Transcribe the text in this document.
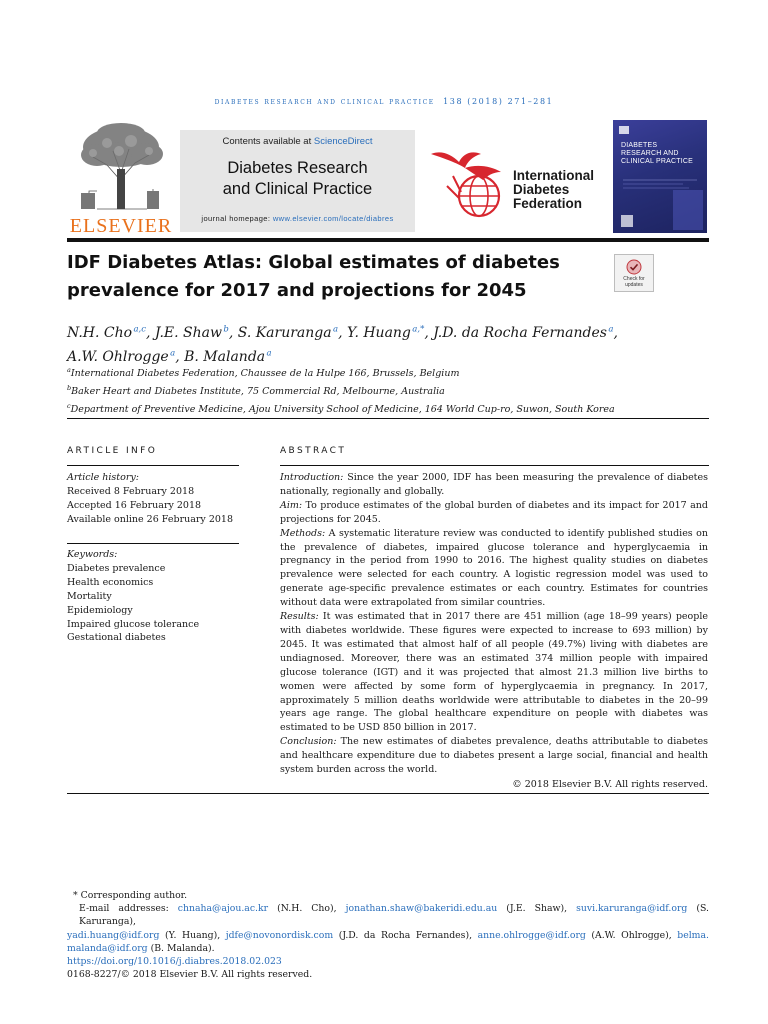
diabetes research and clinical practice 138 (2018) 271–281
ELSEVIER
Contents available at ScienceDirect
Diabetes Research
and Clinical Practice
journal homepage: www.elsevier.com/locate/diabres
International
Diabetes
Federation
DIABETES
RESEARCH AND
CLINICAL PRACTICE
IDF Diabetes Atlas: Global estimates of diabetes
prevalence for 2017 and projections for 2045
Check for updates
N.H. Cho $^{a,c}$, J.E. Shaw $^b$, S. Karuranga $^a$, Y. Huang $^{a,*}$, J.D. da Rocha Fernandes $^a$,
A.W. Ohlrogge $^a$, B. Malanda $^a$
$^a$International Diabetes Federation, Chaussee de la Hulpe 166, Brussels, Belgium
$^b$Baker Heart and Diabetes Institute, 75 Commercial Rd, Melbourne, Australia
$^c$Department of Preventive Medicine, Ajou University School of Medicine, 164 World Cup-ro, Suwon, South Korea
ARTICLE INFO	ABSTRACT
Article history:
Received 8 February 2018
Accepted 16 February 2018
Available online 26 February 2018
Keywords:
Diabetes prevalence
Health economics
Mortality
Epidemiology
Impaired glucose tolerance
Gestational diabetes

Introduction: Since the year 2000, IDF has been measuring the prevalence of diabetes nationally, regionally and globally.

Aim: To produce estimates of the global burden of diabetes and its impact for 2017 and projections for 2045.

Methods: A systematic literature review was conducted to identify published studies on the prevalence of diabetes, impaired glucose tolerance and hyperglycaemia in pregnancy in the period from 1990 to 2016. The highest quality studies on diabetes prevalence were selected for each country. A logistic regression model was used to generate age-specific prevalence estimates or each country. Estimates for countries without data were extrapolated from similar countries.

Results: It was estimated that in 2017 there are 451 million (age 18–99 years) people with diabetes worldwide. These figures were expected to increase to 693 million) by 2045. It was estimated that almost half of all people (49.7%) living with diabetes are undiagnosed. Moreover, there was an estimated 374 million people with impaired glucose tolerance (IGT) and it was projected that almost 21.3 million live births to women were affected by some form of hyperglycaemia in pregnancy. In 2017, approximately 5 million deaths worldwide were attributable to diabetes in the 20–99 years age range. The global healthcare expenditure on people with diabetes was estimated to be USD 850 billion in 2017.

Conclusion: The new estimates of diabetes prevalence, deaths attributable to diabetes and healthcare expenditure due to diabetes present a large social, financial and health system burden across the world.

© 2018 Elsevier B.V. All rights reserved.

* Corresponding author.
E-mail addresses: chnaha@ajou.ac.kr (N.H. Cho), jonathan.shaw@bakeridi.edu.au (J.E. Shaw), suvi.karuranga@idf.org (S. Karuranga),
yadi.huang@idf.org (Y. Huang), jdfe@novonordisk.com (J.D. da Rocha Fernandes), anne.ohlrogge@idf.org (A.W. Ohlrogge), belma.
malanda@idf.org (B. Malanda).
https://doi.org/10.1016/j.diabres.2018.02.023
0168-8227/© 2018 Elsevier B.V. All rights reserved.
